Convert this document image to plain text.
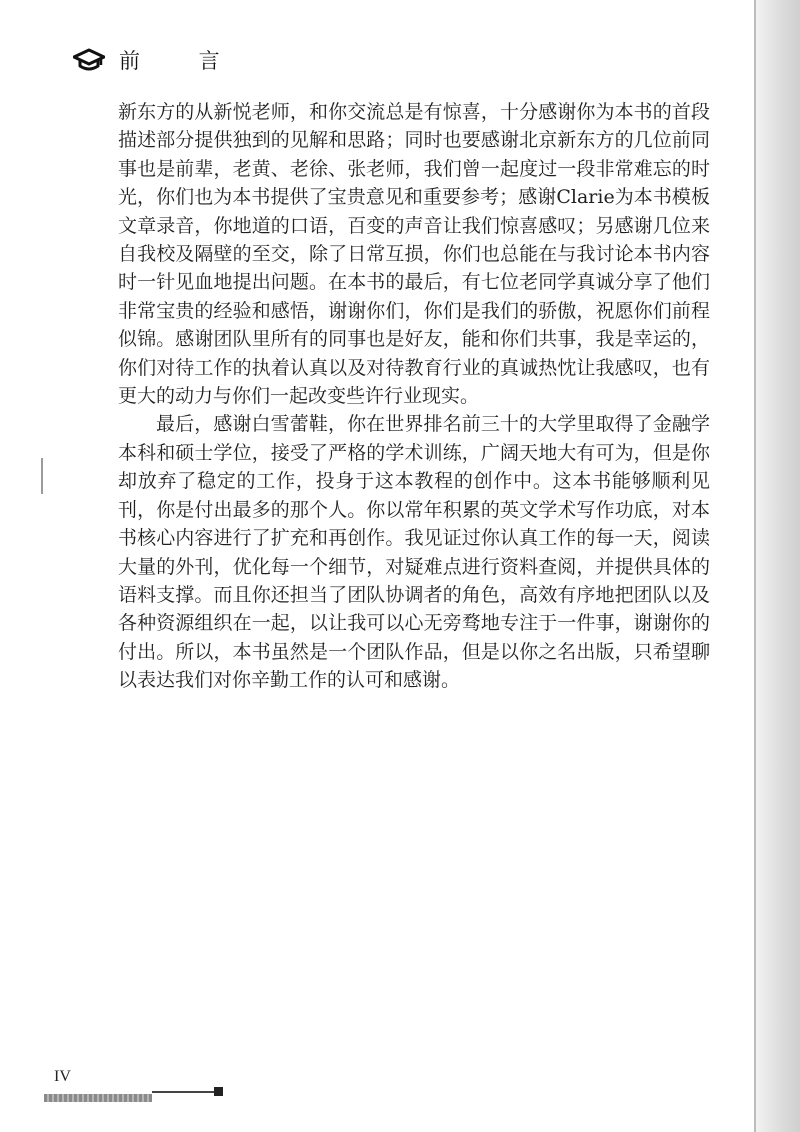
前 言

新东方的从新悦老师，和你交流总是有惊喜，十分感谢你为本书的首段描述部分提供独到的见解和思路；同时也要感谢北京新东方的几位前同事也是前辈，老黄、老徐、张老师，我们曾一起度过一段非常难忘的时光，你们也为本书提供了宝贵意见和重要参考；感谢Clarie为本书模板文章录音，你地道的口语，百变的声音让我们惊喜感叹；另感谢几位来自我校及隔壁的至交，除了日常互损，你们也总能在与我讨论本书内容时一针见血地提出问题。在本书的最后，有七位老同学真诚分享了他们非常宝贵的经验和感悟，谢谢你们，你们是我们的骄傲，祝愿你们前程似锦。感谢团队里所有的同事也是好友，能和你们共事，我是幸运的，你们对待工作的执着认真以及对待教育行业的真诚热忱让我感叹，也有更大的动力与你们一起改变些许行业现实。

最后，感谢白雪蕾鞋，你在世界排名前三十的大学里取得了金融学本科和硕士学位，接受了严格的学术训练，广阔天地大有可为，但是你却放弃了稳定的工作，投身于这本教程的创作中。这本书能够顺利见刊，你是付出最多的那个人。你以常年积累的英文学术写作功底，对本书核心内容进行了扩充和再创作。我见证过你认真工作的每一天，阅读大量的外刊，优化每一个细节，对疑难点进行资料查阅，并提供具体的语料支撑。而且你还担当了团队协调者的角色，高效有序地把团队以及各种资源组织在一起，以让我可以心无旁骛地专注于一件事，谢谢你的付出。所以，本书虽然是一个团队作品，但是以你之名出版，只希望聊以表达我们对你辛勤工作的认可和感谢。

IV
